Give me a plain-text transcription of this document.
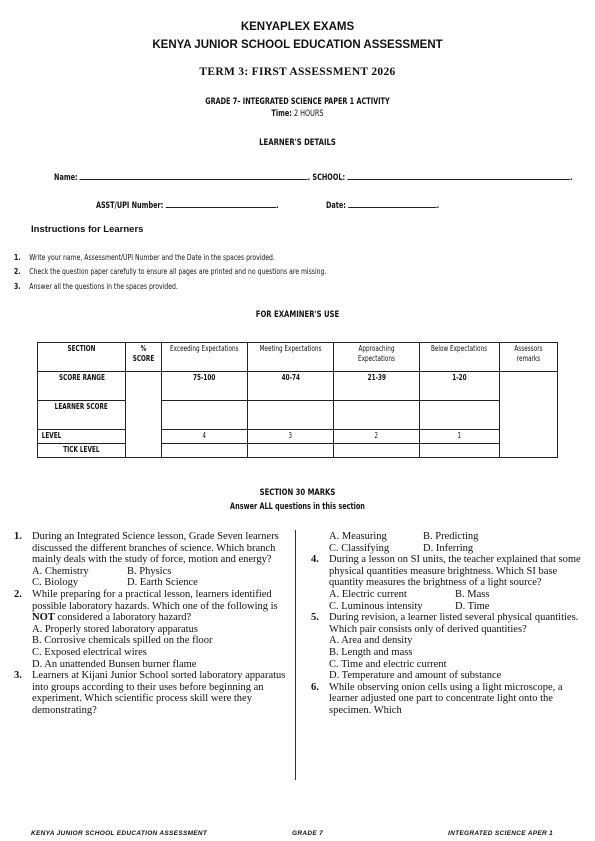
KENYAPLEX EXAMS
KENYA JUNIOR SCHOOL EDUCATION ASSESSMENT
TERM 3: FIRST ASSESSMENT 2026
GRADE 7– INTEGRATED SCIENCE PAPER 1 ACTIVITY
Time: 2 HOURS
LEARNER'S DETAILS
Name:	. SCHOOL:	.
ASST/UPI Number:	.	Date:	.
Instructions for Learners
1. Write your name, Assessment/UPI Number and the Date in the spaces provided.
2. Check the question paper carefully to ensure all pages are printed and no questions are missing.
3. Answer all the questions in the spaces provided.
FOR EXAMINER'S USE
SECTION	% SCORE	Exceeding Expectations	Meeting Expectations	Approaching Expectations	Below Expectations	Assessors remarks
SCORE RANGE		75-100	40-74	21-39	1-20	
LEARNER SCORE						
LEVEL		4	3	2	1	
TICK LEVEL						
SECTION 30 MARKS
Answer ALL questions in this section
1. During an Integrated Science lesson, Grade Seven learners discussed the different branches of science. Which branch mainly deals with the study of force, motion and energy?
A. Chemistry	B. Physics
C. Biology	D. Earth Science
2. While preparing for a practical lesson, learners identified possible laboratory hazards. Which one of the following is NOT considered a laboratory hazard?
A. Properly stored laboratory apparatus
B. Corrosive chemicals spilled on the floor
C. Exposed electrical wires
D. An unattended Bunsen burner flame
3. Learners at Kijani Junior School sorted laboratory apparatus into groups according to their uses before beginning an experiment. Which scientific process skill were they demonstrating?
A. Measuring	B. Predicting
C. Classifying	D. Inferring
4. During a lesson on SI units, the teacher explained that some physical quantities measure brightness. Which SI base quantity measures the brightness of a light source?
A. Electric current	B. Mass
C. Luminous intensity	D. Time
5. During revision, a learner listed several physical quantities. Which pair consists only of derived quantities?
A. Area and density
B. Length and mass
C. Time and electric current
D. Temperature and amount of substance
6. While observing onion cells using a light microscope, a learner adjusted one part to concentrate light onto the specimen. Which
KENYA JUNIOR SCHOOL EDUCATION ASSESSMENT	GRADE 7	INTEGRATED SCIENCE APER 1
